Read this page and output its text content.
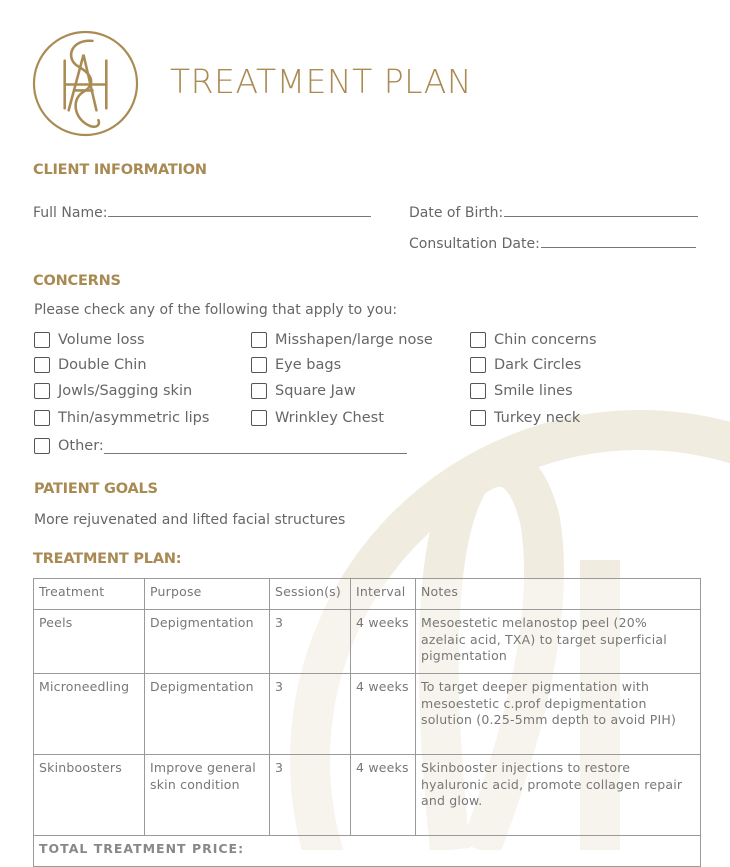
TREATMENT PLAN
CLIENT INFORMATION
Full Name:	Date of Birth:
Consultation Date:
CONCERNS
Please check any of the following that apply to you:
Volume loss
Double Chin
Jowls/Sagging skin
Thin/asymmetric lips
Misshapen/large nose
Eye bags
Square Jaw
Wrinkley Chest
Chin concerns
Dark Circles
Smile lines
Turkey neck
Other:
PATIENT GOALS
More rejuvenated and lifted facial structures
TREATMENT PLAN:
Treatment	Purpose	Session(s)	Interval	Notes
Peels	Depigmentation	3	4 weeks	Mesoestetic melanostop peel (20% azelaic acid, TXA) to target superficial pigmentation
Microneedling	Depigmentation	3	4 weeks	To target deeper pigmentation with mesoestetic c.prof depigmentation solution (0.25-5mm depth to avoid PIH)
Skinboosters	Improve general skin condition	3	4 weeks	Skinbooster injections to restore hyaluronic acid, promote collagen repair and glow.
TOTAL TREATMENT PRICE:				
